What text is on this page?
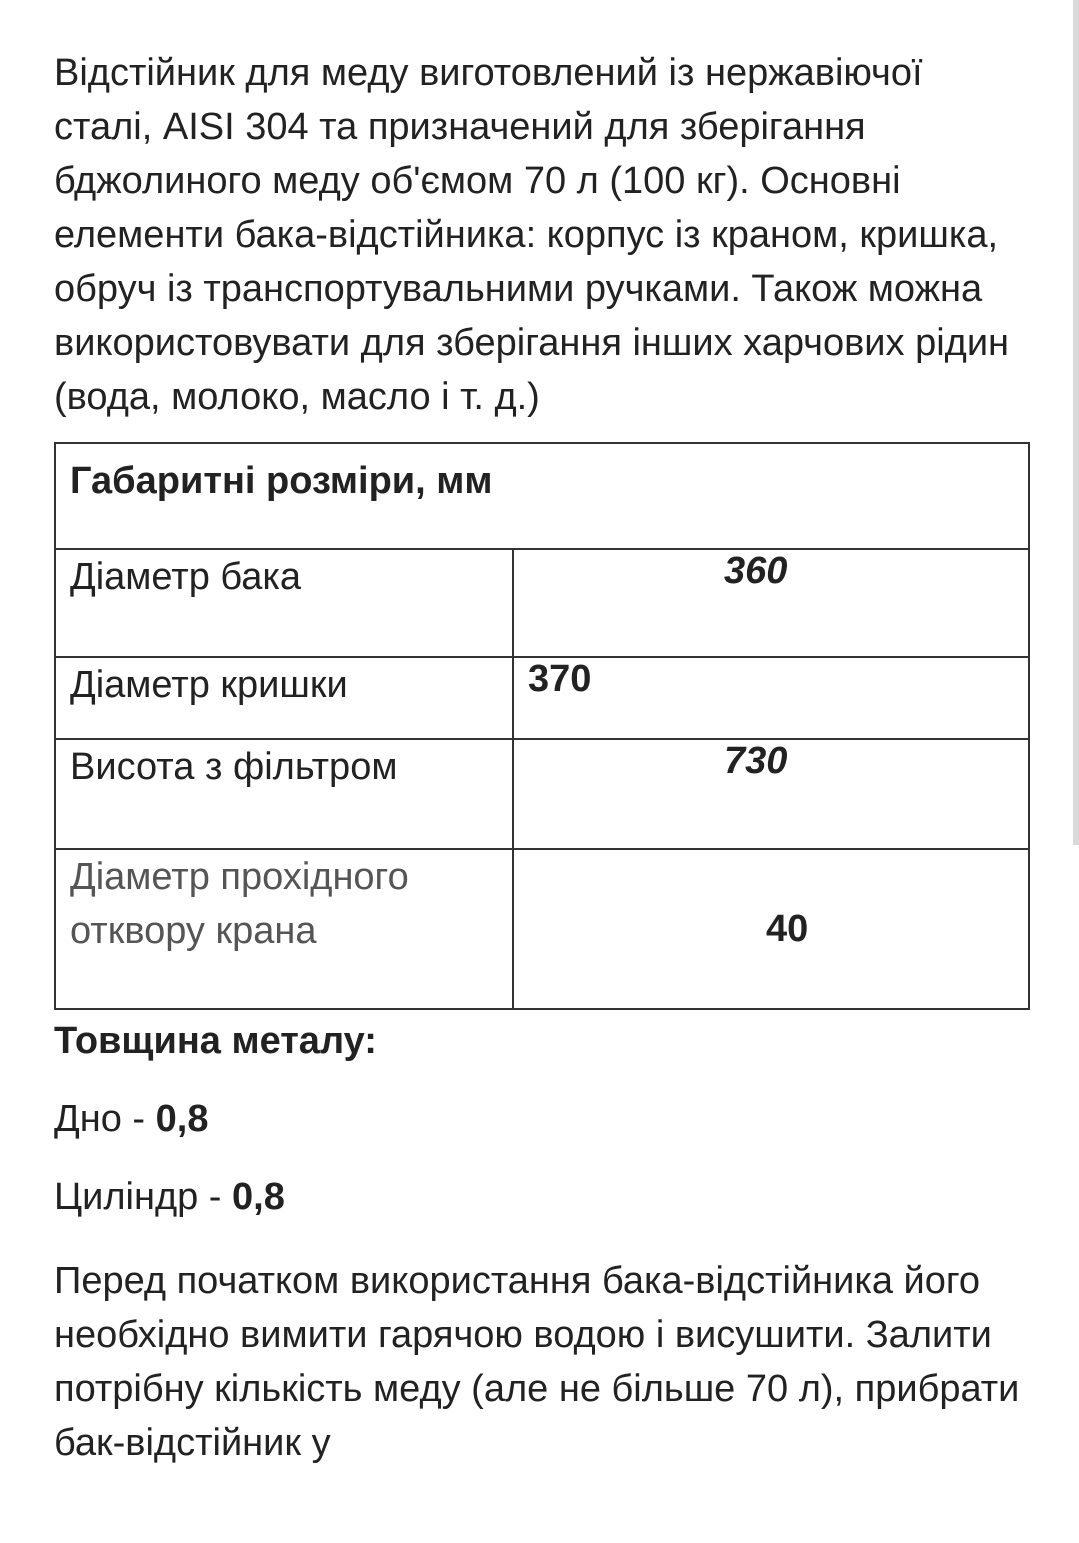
Відстійник для меду виготовлений із нержавіючої сталі, AISI 304 та призначений для зберігання бджолиного меду об'ємом 70 л (100 кг). Основні елементи бака-відстійника: корпус із краном, кришка, обруч із транспортувальними ручками. Також можна використовувати для зберігання інших харчових рідин (вода, молоко, масло і т. д.)

Габаритні розміри, мм	
Діаметр бака	360
Діаметр кришки	370
Висота з фільтром	730
Діаметр прохідного отквору крана	40

Товщина металу:

Дно - 0,8

Циліндр - 0,8

Перед початком використання бака-відстійника його необхідно вимити гарячою водою і висушити. Залити потрібну кількість меду (але не більше 70 л), прибрати бак-відстійник у
